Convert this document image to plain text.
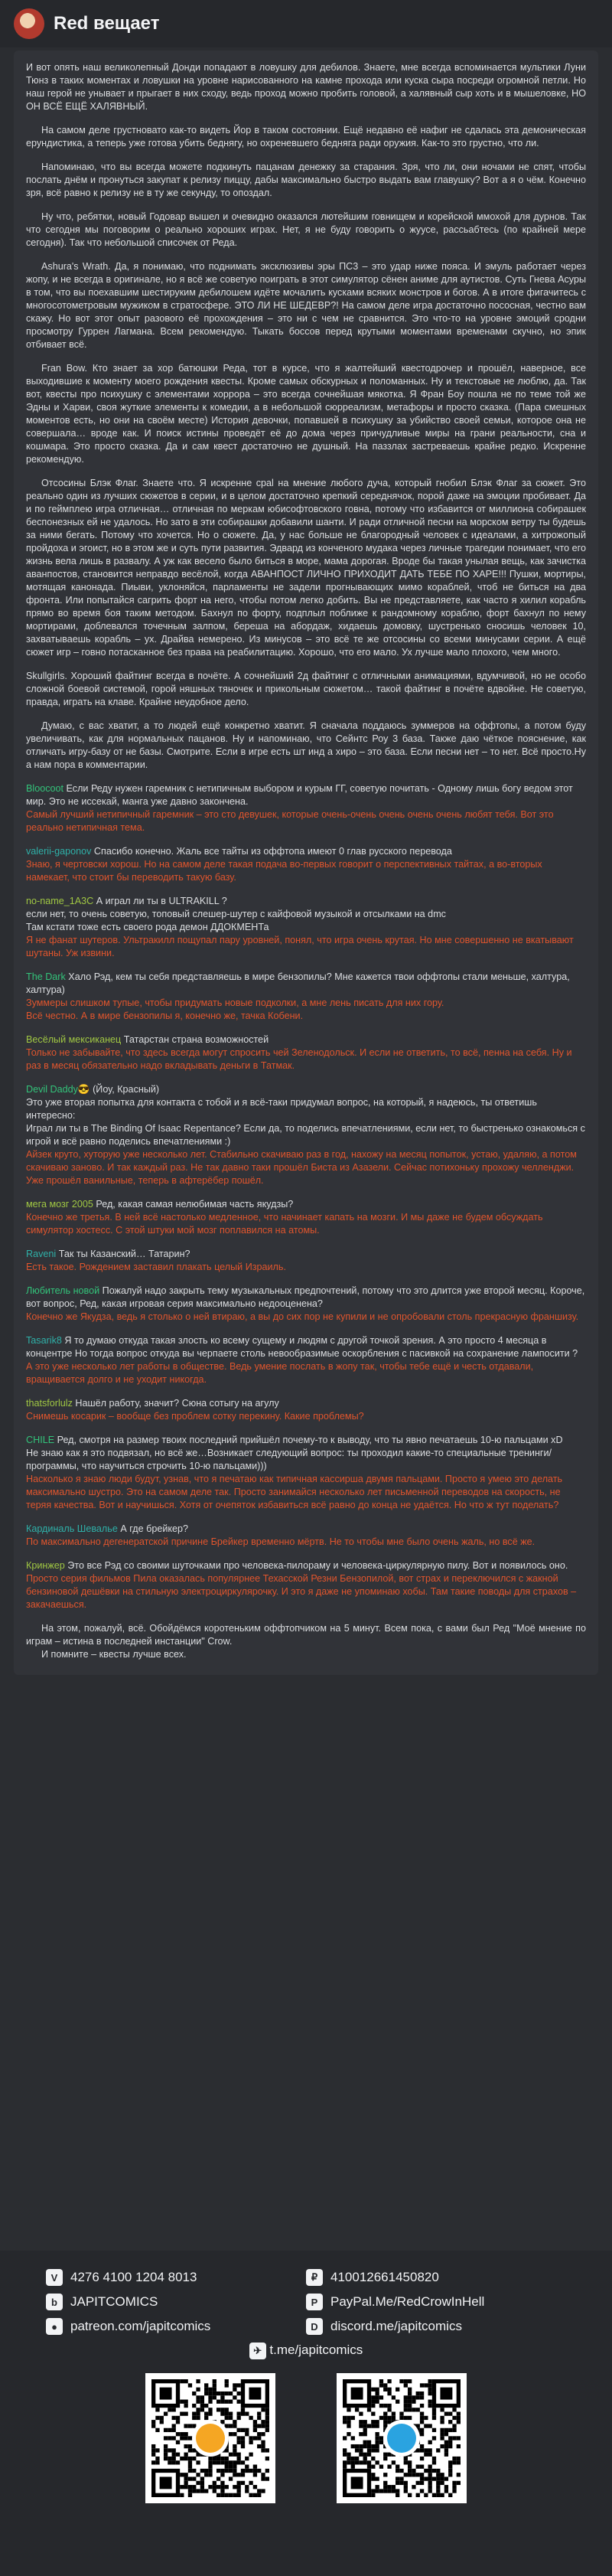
Red вещает

И вот опять наш великолепный Донди попадают в ловушку для дебилов. Знаете, мне всегда вспоминается мультики Луни Тюнз в таких моментах и ловушки на уровне нарисованного на камне прохода или куска сыра посреди огромной петли. Но наш герой не унывает и прыгает в них сходу, ведь проход можно пробить головой, а халявный сыр хоть и в мышеловке, НО ОН ВСЁ ЕЩЁ ХАЛЯВНЫЙ.

На самом деле грустновато как-то видеть Йор в таком состоянии. Ещё недавно её нафиг не сдалась эта демоническая ерундистика, а теперь уже готова убить беднягу, но охреневшего бедняга ради оружия. Как-то это грустно, что ли.

Напоминаю, что вы всегда можете подкинуть пацанам денежку за старания. Зря, что ли, они ночами не спят, чтобы послать днём и пронуться закупат к релизу пиццу, дабы максимально быстро выдать вам главушку? Вот а я о чём. Конечно зря, всё равно к релизу не в ту же секунду, то опоздал.

Ну что, ребятки, новый Годовар вышел и очевидно оказался лютейшим говнищем и корейской ммохой для дурнов. Так что сегодня мы поговорим о реально хороших играх. Нет, я не буду говорить о жуусе, рассьабтесь (по крайней мере сегодня). Так что небольшой списочек от Реда.

Ashura's Wrath. Да, я понимаю, что поднимать эксклюзивы эры ПС3 – это удар ниже пояса. И эмуль работает через жопу, и не всегда в оригинале, но я всё же советую поиграть в этот симулятор сёнен аниме для аутистов. Суть Гнева Асуры в том, что вы поехавшим шестируким дебилошем идёте мочалить кусками всяких монстров и богов. А в итоге фигачитесь с многосотометровым мужиком в стратосфере. ЭТО ЛИ НЕ ШЕДЕВР?! На самом деле игра достаточно пососная, честно вам скажу. Но вот этот опыт разового её прохождения – это ни с чем не сравнится. Это что-то на уровне эмоций сродни просмотру Гуррен Лагмана. Всем рекомендую. Тыкать боссов перед крутыми моментами временами скучно, но эпик отбивает всё.

Fran Bow. Кто знает за хор батюшки Реда, тот в курсе, что я жалтейший квестодрочер и прошёл, наверное, все выходившие к моменту моего рождения квесты. Кроме самых обскурных и поломанных. Ну и текстовые не люблю, да. Так вот, квесты про психушку с элементами хоррора – это всегда сочнейшая мякотка. Я Фран Боу пошла не по теме той же Эдны и Харви, своя жуткие элементы к комедии, а в небольшой сюрреализм, метафоры и просто сказка. (Пара смешных моментов есть, но они на своём месте) История девочки, попавшей в психушку за убийство своей семьи, которое она не совершала… вроде как. И поиск истины проведёт её до дома через причудливые миры на грани реальности, сна и кошмара. Это просто сказка. Да и сам квест достаточно не душный. На паззлах застреваешь крайне редко. Искренне рекомендую.

Отсосины Блэк Флаг. Знаете что. Я искренне сраl на мнение любого дуча, который гнобил Блэк Флаг за сюжет. Это реально один из лучших сюжетов в серии, и в целом достаточно крепкий середнячок, порой даже на эмоции пробивает. Да и по геймплею игра отличная… отличная по меркам юбисофтовского говна, потому что избавится от миллиона собирашек беспонезных ей не удалось. Но зато в эти собирашки добавили шанти. И ради отличной песни на морском ветру ты будешь за ними бегать. Потому что хочется. Но о сюжете. Да, у нас больше не благородный человек с идеалами, а хитрожопый пройдоха и эгоист, но в этом же и суть пути развития. Эдвард из конченого мудака через личные трагедии понимает, что его жизнь вела лишь в развалу. А уж как весело было биться в море, мама дорогая. Вроде бы такая унылая вещь, как зачистка аванпостов, становится неправдо весёлой, когда АВАНПОСТ ЛИЧНО ПРИХОДИТ ДАТЬ ТЕБЕ ПО ХАРЕ!!! Пушки, мортиры, мотящая канонада. Пиыви, уклоняйся, парламенты не задели прогнывающих мимо кораблей, чтоб не биться на два фронта. Или попытайся сагрить форт на него, чтобы потом легко добить. Вы не представляете, как часто я хилил корабль прямо во время боя таким методом. Бахнул по форту, подплыл поближе к рандомному кораблю, форт бахнул по нему мортирами, доблевался точечным залпом, береша на абордаж, хидаешь домовку, шустренько сносишь человек 10, захватываешь корабль – ух. Драйва немерено. Из минусов – это всё те же отсосины со всеми минусами серии. А ещё сюжет игр – говно потасканное без права на реабилитацию. Хорошо, что его мало. Ух лучше мало плохого, чем много.

Skullgirls. Хороший файтинг всегда в почёте. А сочнейший 2д файтинг с отличными анимациями, вдумчивой, но не особо сложной боевой системой, горой няшных тяночек и прикольным сюжетом… такой файтинг в почёте вдвойне. Не советую, правда, играть на клаве. Крайне неудобное дело.

Думаю, с вас хватит, а то людей ещё конкретно хватит. Я сначала поддаюсь зуммеров на оффтопы, а потом буду увеличивать, как для нормальных пацанов. Ну и напоминаю, что Сейнтс Роу 3 база. Также даю чёткое пояснение, как отличать игру-базу от не базы. Смотрите. Если в игре есть шт инд а хирo – это база. Если песни нет – то нет. Всё просто.Ну а нам пора в комментарии.

Bloocoot Если Реду нужен гаремник с нетипичным выбором и курым ГГ, советую почитать - Одному лишь богу ведом этот мир. Это не иссекай, манга уже давно закончена.
Самый лучший нетипичный гаремник – это сто девушек, которые очень-очень очень очень очень любят тебя. Вот это реально нетипичная тема.
valerii-gaponov Спасибо конечно. Жаль все тайты из оффтопа имеют 0 глав русского перевода
Знаю, я чертовски хорош. Но на самом деле такая подача во-первых говорит о перспективных тайтах, а во-вторых намекает, что стоит бы переводить такую базу.
no-name_1A3C А играл ли ты в ULTRAKILL ?
если нет, то очень советую, топовый слешер-шутер с кайфовой музыкой и отсылками на dmc
Там кстати тоже есть своего рода демон ДДОКМЕНТа
Я не фанат шутеров. Ультракилл пощупал пару уровней, понял, что игра очень крутая. Но мне совершенно не вкатывают шутаны. Уж извини.
The Dark Хало Рэд, кем ты себя представляешь в мире бензопилы? Мне кажется твои оффтопы стали меньше, халтура, халтура)
Зуммеры слишком тупые, чтобы придумать новые подколки, а мне лень писать для них гору.
Всё честно. А в мире бензопилы я, конечно же, тачка Кобени.
Весёлый мексиканец Татарстан страна возможностей
Только не забывайте, что здесь всегда могут спросить чей Зеленодольск. И если не ответить, то всё, пенна на себя. Ну и раз в месяц обязательно надо вкладывать деньги в Татмак.
Devil Daddy😎 (Йоу, Красный)
Это уже вторая попытка для контакта с тобой и я всё-таки придумал вопрос, на который, я надеюсь, ты ответишь интересно:
Играл ли ты в The Binding Of Isaac Repentance? Если да, то поделись впечатлениями, если нет, то быстренько ознакомься с игрой и всё равно поделись впечатлениями :)
Айзек круто, хуторую уже несколько лет. Стабильно скачиваю раз в год, нахожу на месяц попыток, устаю, удаляю, а потом скачиваю заново. И так каждый раз. Не так давно таки прошёл Биста из Азазели. Сейчас потихоньку прохожу челленджи. Уже прошёл ванильные, теперь в афтерёбер пошёл.
мега мозг 2005 Ред, какая самая нелюбимая часть якудзы?
Конечно же третья. В ней всё настолько медленное, что начинает капать на мозги. И мы даже не будем обсуждать симулятор хостесс. С этой штуки мой мозг поплавился на атомы.
Raveni Так ты Казанский… Татарин?
Есть такое. Рождением заставил плакать целый Израиль.
Любитель новой Пожалуй надо закрыть тему музыкальных предпочтений, потому что это длится уже второй месяц. Короче, вот вопрос, Ред, какая игровая серия максимально недооценена?
Конечно же Якудза, ведь я столько о ней втираю, а вы до сих пор не купили и не опробовали столь прекрасную франшизу.
Tasarik8 Я то думаю откуда такая злость ко всему сущему и людям с другой точкой зрения. А это просто 4 месяца в концентре Но тогда вопрос откуда вы черпаете столь невообразимые оскорбления с пасивкой на сохранение лампосити ?
А это уже несколько лет работы в обществе. Ведь умение послать в жопу так, чтобы тебе ещё и честь отдавали, вращивается долго и не уходит никогда.
thatsforlulz Нашёл работу, значит? Сюна сотыгу на агулу
Снимешь косарик – вообще без проблем сотку перекину. Какие проблемы?
CHILE Ред, смотря на размер твоих последний прийшёл почему-то к выводу, что ты явно печатаешь 10-ю пальцами xD
Не знаю как я это подвязал, но всё же…Возникает следующий вопрос: ты проходил какие-то специальные тренинги/программы, что научиться строчить 10-ю пальцами)))
Насколько я знаю люди будут, узнав, что я печатаю как типичная кассирша двумя пальцами. Просто я умею это делать максимально шустро. Это на самом деле так. Просто занимайся несколько лет письменной переводов на скорость, не теряя качества. Вот и научишься. Хотя от очепяток избавиться всё равно до конца не удаётся. Но что ж тут поделать?
Кардиналь Шевалье А где брейкер?
По максимально дегенератской причине Брейкер временно мёртв. Не то чтобы мне было очень жаль, но всё же.
Кринжер Это все Рэд со своими шуточками про человека-пилорамy и человека-циркулярную пилу. Вот и появилось оно.
Просто серия фильмов Пила оказалась популярнее Техасской Резни Бензопилой, вот страх и переключился с жакной бензиновой дешёвки на стильную электроциркулярочку. И это я даже не упоминаю хобы. Там такие поводы для страхов – закачаешься.

На этом, пожалуй, всё. Обойдёмся коротеньким оффтопчиком на 5 минут. Всем пока, с вами был Ред "Моё мнение по играм – истина в последней инстанции" Crow.

И помните – квесты лучше всех.

V 4276 4100 1204 8013	₽ 410012661450820
b	JAPITCOMICS	P PayPal.Me/RedCrowInHell
●	patreon.com/japitcomics	D discord.me/japitcomics
✈ t.me/japitcomics
